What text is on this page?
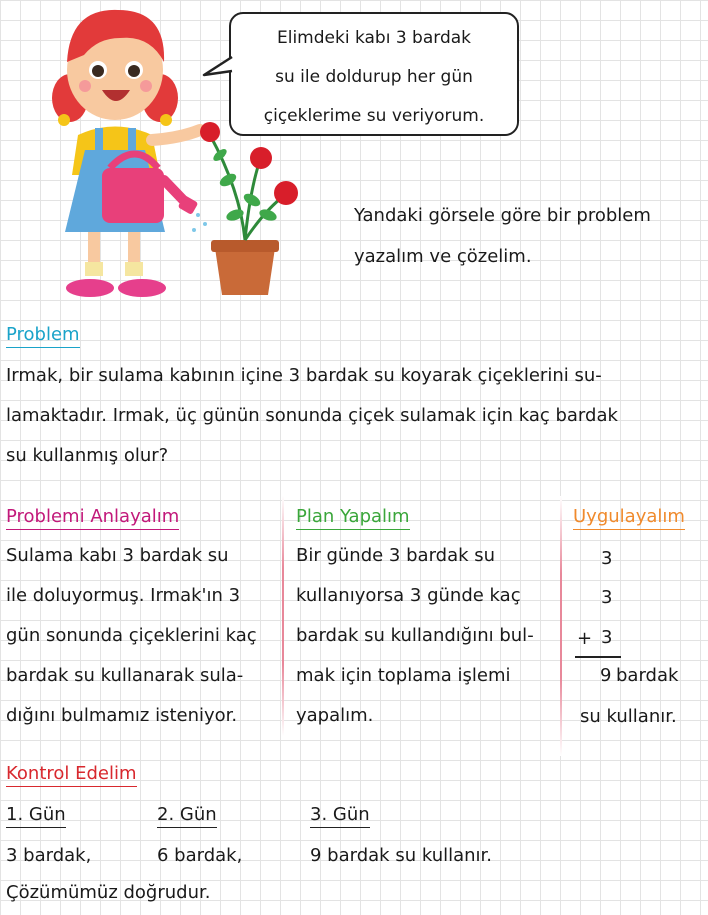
Elimdeki kabı 3 bardak
su ile doldurup her gün
çiçeklerime su veriyorum.
Yandaki görsele göre bir problem
yazalım ve çözelim.
Problem
Irmak, bir sulama kabının içine 3 bardak su koyarak çiçeklerini su-
lamaktadır. Irmak, üç günün sonunda çiçek sulamak için kaç bardak
su kullanmış olur?
Problemi Anlayalım
Sulama kabı 3 bardak su
ile doluyormuş. Irmak'ın 3
gün sonunda çiçeklerini kaç
bardak su kullanarak sula-
dığını bulmamız isteniyor.
Plan Yapalım
Bir günde 3 bardak su
kullanıyorsa 3 günde kaç
bardak su kullandığını bul-
mak için toplama işlemi
yapalım.
Uygulayalım
3
3
+ 3
9 bardak
su kullanır.
Kontrol Edelim
1. Gün	2. Gün	3. Gün
3 bardak,	6 bardak,	9 bardak su kullanır.
Çözümümüz doğrudur.
